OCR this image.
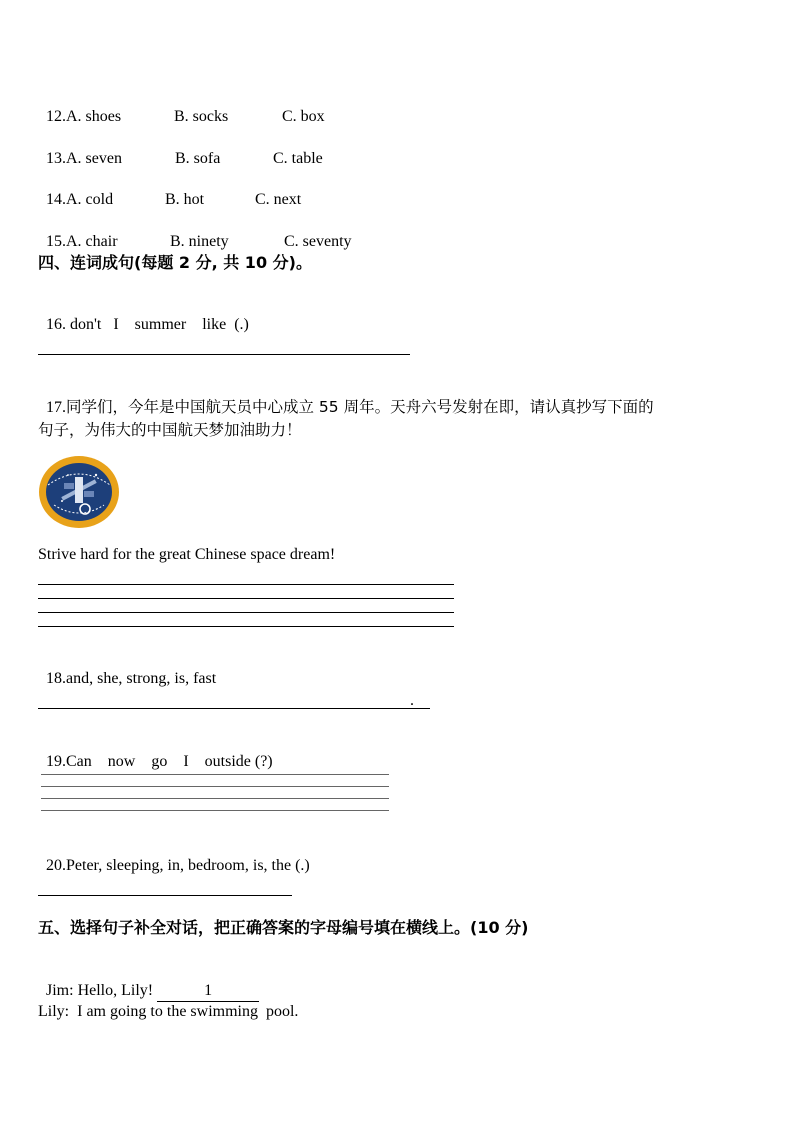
12.A. shoes	B. socks	C. box

13.A. seven	B. sofa	C. table

14.A. cold	B. hot	C. next

15.A. chair	B. ninety	C. seventy

四、连词成句(每题 2 分, 共 10 分)。

16. don't   I    summer    like  (.)

17.同学们，今年是中国航天员中心成立 55 周年。天舟六号发射在即，请认真抄写下面的

句子，为伟大的中国航天梦加油助力！
Strive hard for the great Chinese space dream!

18.and, she, strong, is, fast

.

19.Can    now    go    I    outside (?)

20.Peter, sleeping, in, bedroom, is, the (.)

五、选择句子补全对话，把正确答案的字母编号填在横线上。(10 分)

Jim: Hello, Lily!	1

Lily:  I am going to the swimming  pool.
